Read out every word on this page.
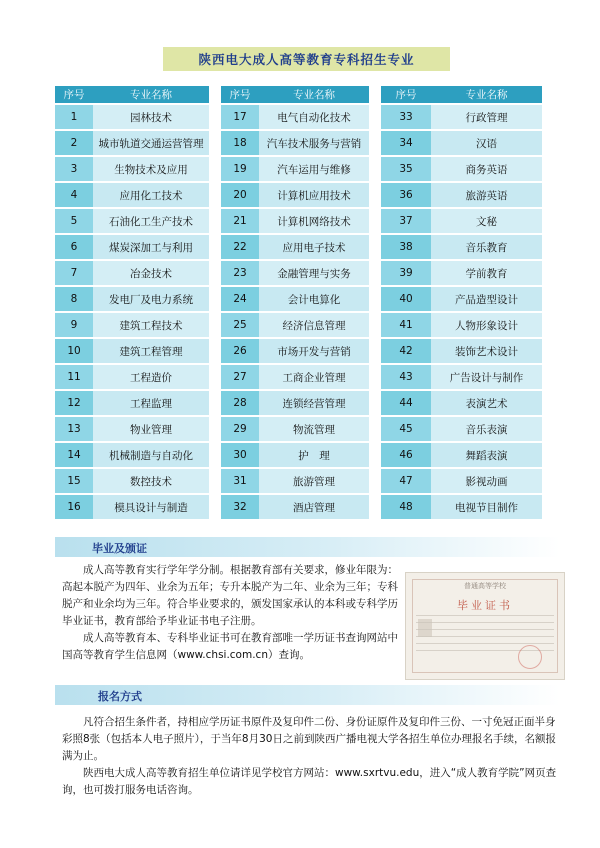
陕西电大成人高等教育专科招生专业
序号	专业名称
1	园林技术
2	城市轨道交通运营管理
3	生物技术及应用
4	应用化工技术
5	石油化工生产技术
6	煤炭深加工与利用
7	冶金技术
8	发电厂及电力系统
9	建筑工程技术
10	建筑工程管理
11	工程造价
12	工程监理
13	物业管理
14	机械制造与自动化
15	数控技术
16	模具设计与制造
序号	专业名称
17	电气自动化技术
18	汽车技术服务与营销
19	汽车运用与维修
20	计算机应用技术
21	计算机网络技术
22	应用电子技术
23	金融管理与实务
24	会计电算化
25	经济信息管理
26	市场开发与营销
27	工商企业管理
28	连锁经营管理
29	物流管理
30	护　理
31	旅游管理
32	酒店管理
序号	专业名称
33	行政管理
34	汉语
35	商务英语
36	旅游英语
37	文秘
38	音乐教育
39	学前教育
40	产品造型设计
41	人物形象设计
42	装饰艺术设计
43	广告设计与制作
44	表演艺术
45	音乐表演
46	舞蹈表演
47	影视动画
48	电视节目制作
毕业及颁证

成人高等教育实行学年学分制。根据教育部有关要求，修业年限为：高起本脱产为四年、业余为五年；专升本脱产为二年、业余为三年；专科脱产和业余均为三年。符合毕业要求的，颁发国家承认的本科或专科学历毕业证书，教育部给予毕业证书电子注册。

成人高等教育本、专科毕业证书可在教育部唯一学历证书查询网站中国高等教育学生信息网（www.chsi.com.cn）查询。

普通高等学校
毕业证书
报名方式

凡符合招生条件者，持相应学历证书原件及复印件二份、身份证原件及复印件三份、一寸免冠正面半身彩照8张（包括本人电子照片），于当年8月30日之前到陕西广播电视大学各招生单位办理报名手续，名额报满为止。

陕西电大成人高等教育招生单位请详见学校官方网站：www.sxrtvu.edu，进入“成人教育学院”网页查询，也可拨打服务电话咨询。
